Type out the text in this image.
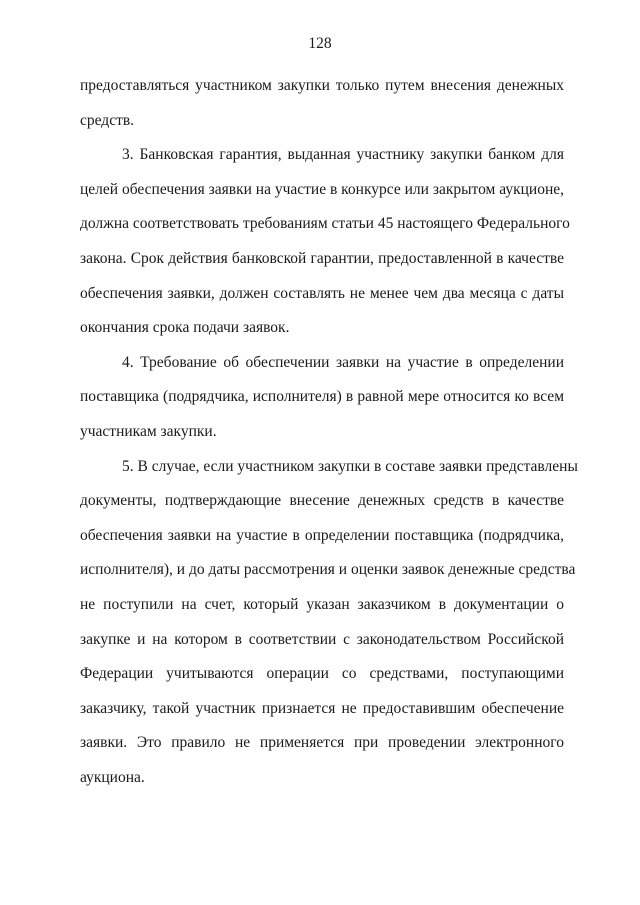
128
предоставляться участником закупки только путем внесения денежных
средств.
3. Банковская гарантия, выданная участнику закупки банком для
целей обеспечения заявки на участие в конкурсе или закрытом аукционе,
должна соответствовать требованиям статьи 45 настоящего Федерального
закона. Срок действия банковской гарантии, предоставленной в качестве
обеспечения заявки, должен составлять не менее чем два месяца с даты
окончания срока подачи заявок.
4. Требование об обеспечении заявки на участие в определении
поставщика (подрядчика, исполнителя) в равной мере относится ко всем
участникам закупки.
5. В случае, если участником закупки в составе заявки представлены
документы, подтверждающие внесение денежных средств в качестве
обеспечения заявки на участие в определении поставщика (подрядчика,
исполнителя), и до даты рассмотрения и оценки заявок денежные средства
не поступили на счет, который указан заказчиком в документации о
закупке и на котором в соответствии с законодательством Российской
Федерации учитываются операции со средствами, поступающими
заказчику, такой участник признается не предоставившим обеспечение
заявки. Это правило не применяется при проведении электронного
аукциона.
